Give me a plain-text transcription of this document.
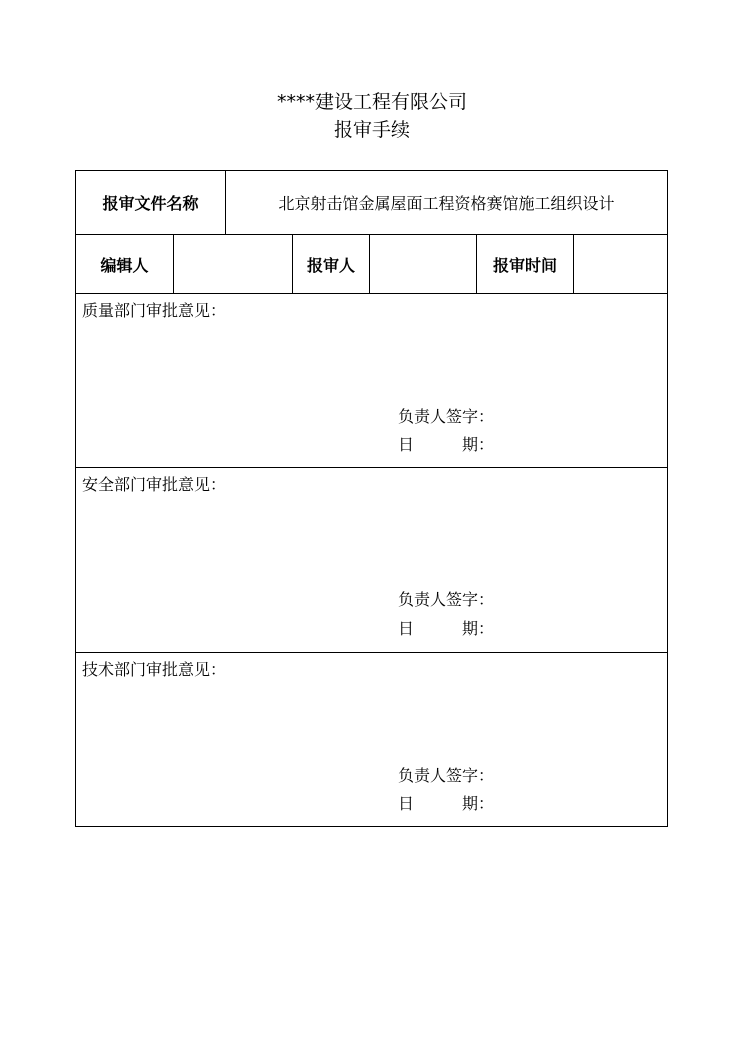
****建设工程有限公司
报审手续
报审文件名称		北京射击馆金属屋面工程资格赛馆施工组织设计				
编辑人			报审人		报审时间	

质量部门审批意见：
负责人签字：
日　　　期：						

安全部门审批意见：
负责人签字：
日　　　期：						

技术部门审批意见：
负责人签字：
日　　　期：						
